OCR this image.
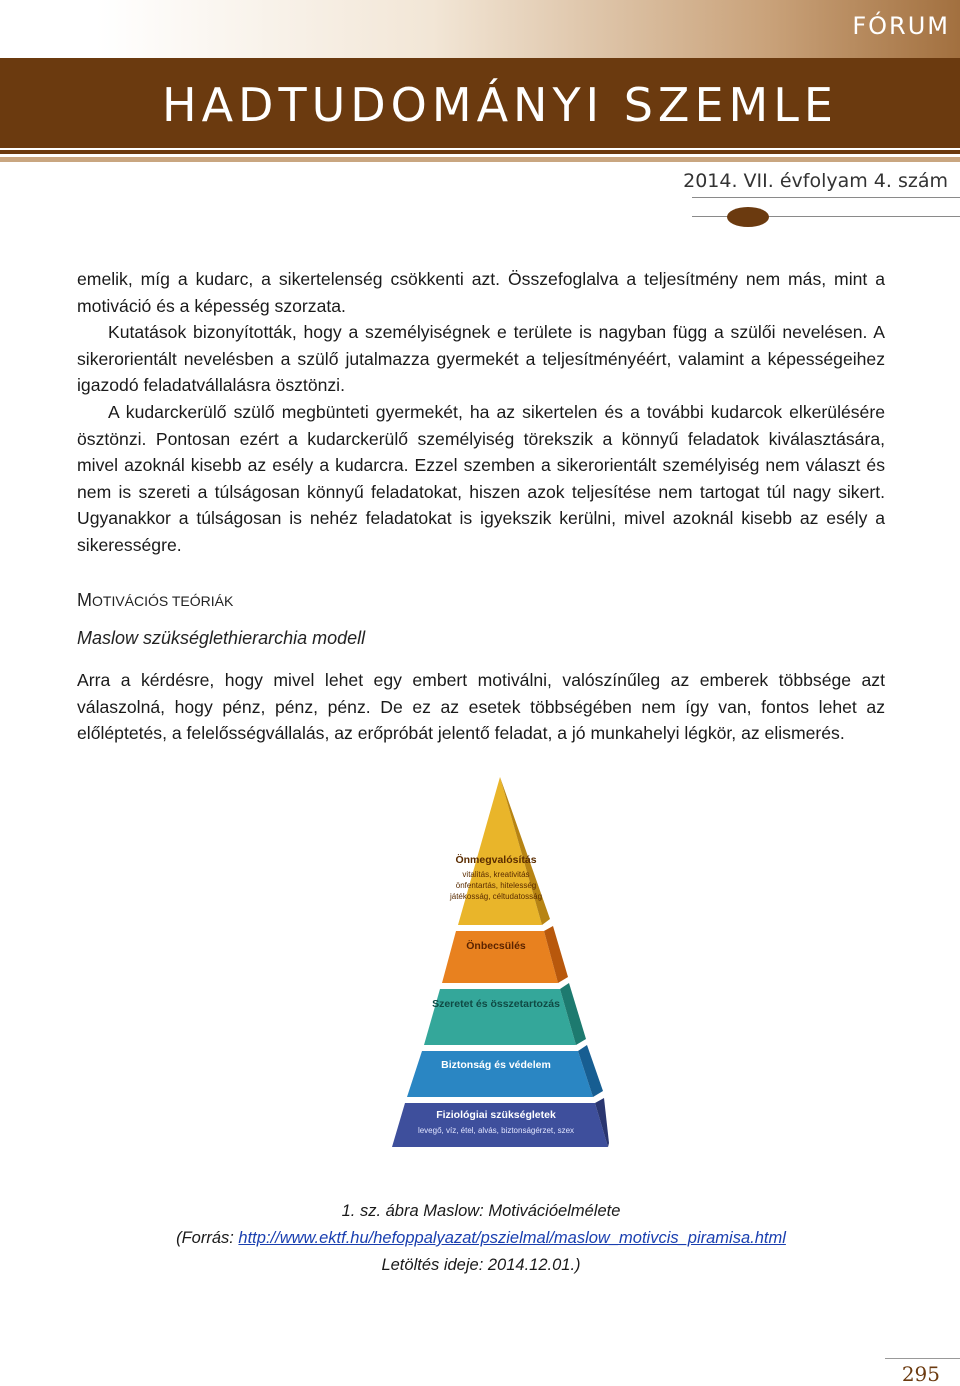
FÓRUM
HADTUDOMÁNYI SZEMLE
2014. VII. évfolyam 4. szám

emelik, míg a kudarc, a sikertelenség csökkenti azt. Összefoglalva a teljesítmény nem más, mint a motiváció és a képesség szorzata.

Kutatások bizonyították, hogy a személyiségnek e területe is nagyban függ a szülői nevelésen. A sikerorientált nevelésben a szülő jutalmazza gyermekét a teljesítményéért, valamint a képességeihez igazodó feladatvállalásra ösztönzi.

A kudarckerülő szülő megbünteti gyermekét, ha az sikertelen és a további kudarcok elkerülésére ösztönzi. Pontosan ezért a kudarckerülő személyiség törekszik a könnyű feladatok kiválasztására, mivel azoknál kisebb az esély a kudarcra. Ezzel szemben a sikerorientált személyiség nem választ és nem is szereti a túlságosan könnyű feladatokat, hiszen azok teljesítése nem tartogat túl nagy sikert. Ugyanakkor a túlságosan is nehéz feladatokat is igyekszik kerülni, mivel azoknál kisebb az esély a sikerességre.

MOTIVÁCIÓS TEÓRIÁK
Maslow szükséglethierarchia modell

Arra a kérdésre, hogy mivel lehet egy embert motiválni, valószínűleg az emberek többsége azt válaszolná, hogy pénz, pénz, pénz. De ez az esetek többségében nem így van, fontos lehet az előléptetés, a felelősségvállalás, az erőpróbát jelentő feladat, a jó munkahelyi légkör, az elismerés.

Önmegvalósítás
vitalitás, kreativitás
önfentartás, hitelesség
játékosság, céltudatosság
Önbecsülés
Szeretet és összetartozás
Biztonság és védelem
Fiziológiai szükségletek
levegő, víz, étel, alvás, biztonságérzet, szex
1. sz. ábra Maslow: Motivációelmélete
(Forrás: http://www.ektf.hu/hefoppalyazat/pszielmal/maslow_motivcis_piramisa.html
Letöltés ideje: 2014.12.01.)
295
